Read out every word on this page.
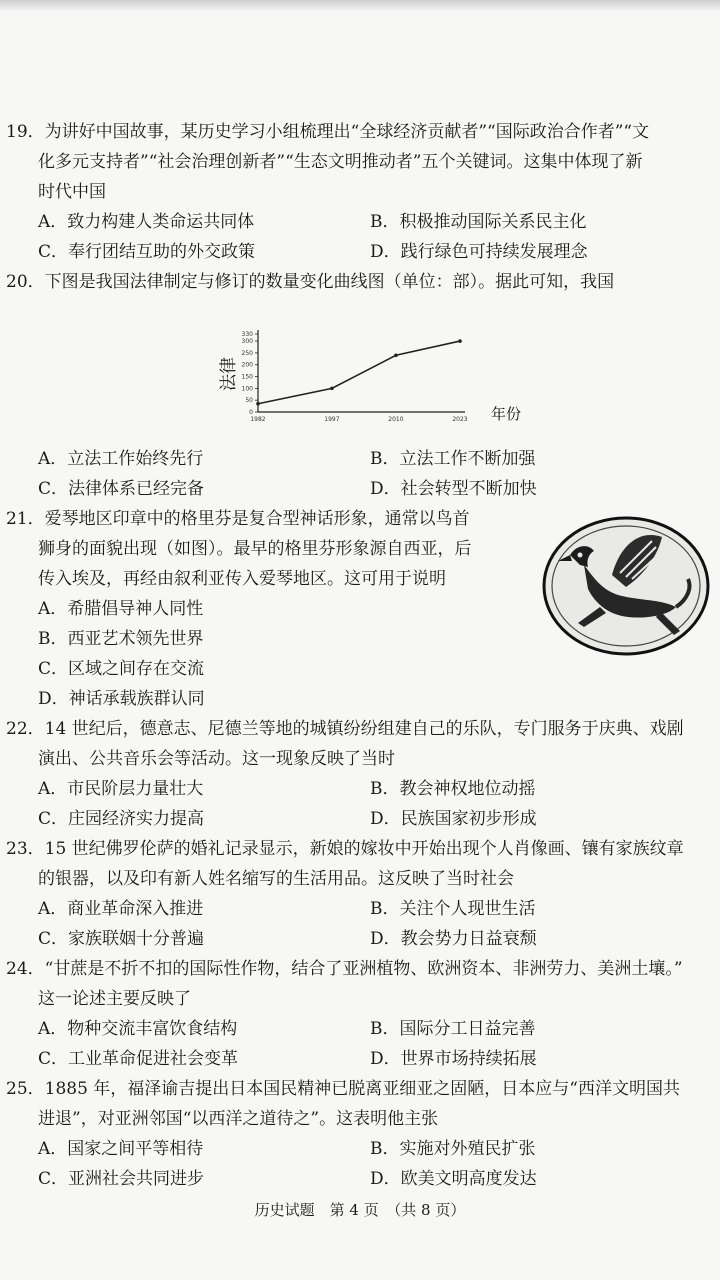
19．为讲好中国故事，某历史学习小组梳理出“全球经济贡献者”“国际政治合作者”“文
化多元支持者”“社会治理创新者”“生态文明推动者”五个关键词。这集中体现了新
时代中国
A．致力构建人类命运共同体	B．积极推动国际关系民主化
C．奉行团结互助的外交政策	D．践行绿色可持续发展理念
20．下图是我国法律制定与修订的数量变化曲线图（单位：部）。据此可知，我国
法律
0
50
100
150
200
250
300
330
1982	1997	2010	2023 年份
A．立法工作始终先行	B．立法工作不断加强
C．法律体系已经完备	D．社会转型不断加快
21．爱琴地区印章中的格里芬是复合型神话形象，通常以鸟首
狮身的面貌出现（如图）。最早的格里芬形象源自西亚，后
传入埃及，再经由叙利亚传入爱琴地区。这可用于说明
A．希腊倡导神人同性
B．西亚艺术领先世界
C．区域之间存在交流
D．神话承载族群认同
22．14 世纪后，德意志、尼德兰等地的城镇纷纷组建自己的乐队，专门服务于庆典、戏剧
演出、公共音乐会等活动。这一现象反映了当时
A．市民阶层力量壮大	B．教会神权地位动摇
C．庄园经济实力提高	D．民族国家初步形成
23．15 世纪佛罗伦萨的婚礼记录显示，新娘的嫁妆中开始出现个人肖像画、镶有家族纹章
的银器，以及印有新人姓名缩写的生活用品。这反映了当时社会
A．商业革命深入推进	B．关注个人现世生活
C．家族联姻十分普遍	D．教会势力日益衰颓
24．“甘蔗是不折不扣的国际性作物，结合了亚洲植物、欧洲资本、非洲劳力、美洲土壤。”
这一论述主要反映了
A．物种交流丰富饮食结构	B．国际分工日益完善
C．工业革命促进社会变革	D．世界市场持续拓展
25．1885 年，福泽谕吉提出日本国民精神已脱离亚细亚之固陋，日本应与“西洋文明国共
进退”，对亚洲邻国“以西洋之道待之”。这表明他主张
A．国家之间平等相待	B．实施对外殖民扩张
C．亚洲社会共同进步	D．欧美文明高度发达
历史试题　第 4 页　（共 8 页）
